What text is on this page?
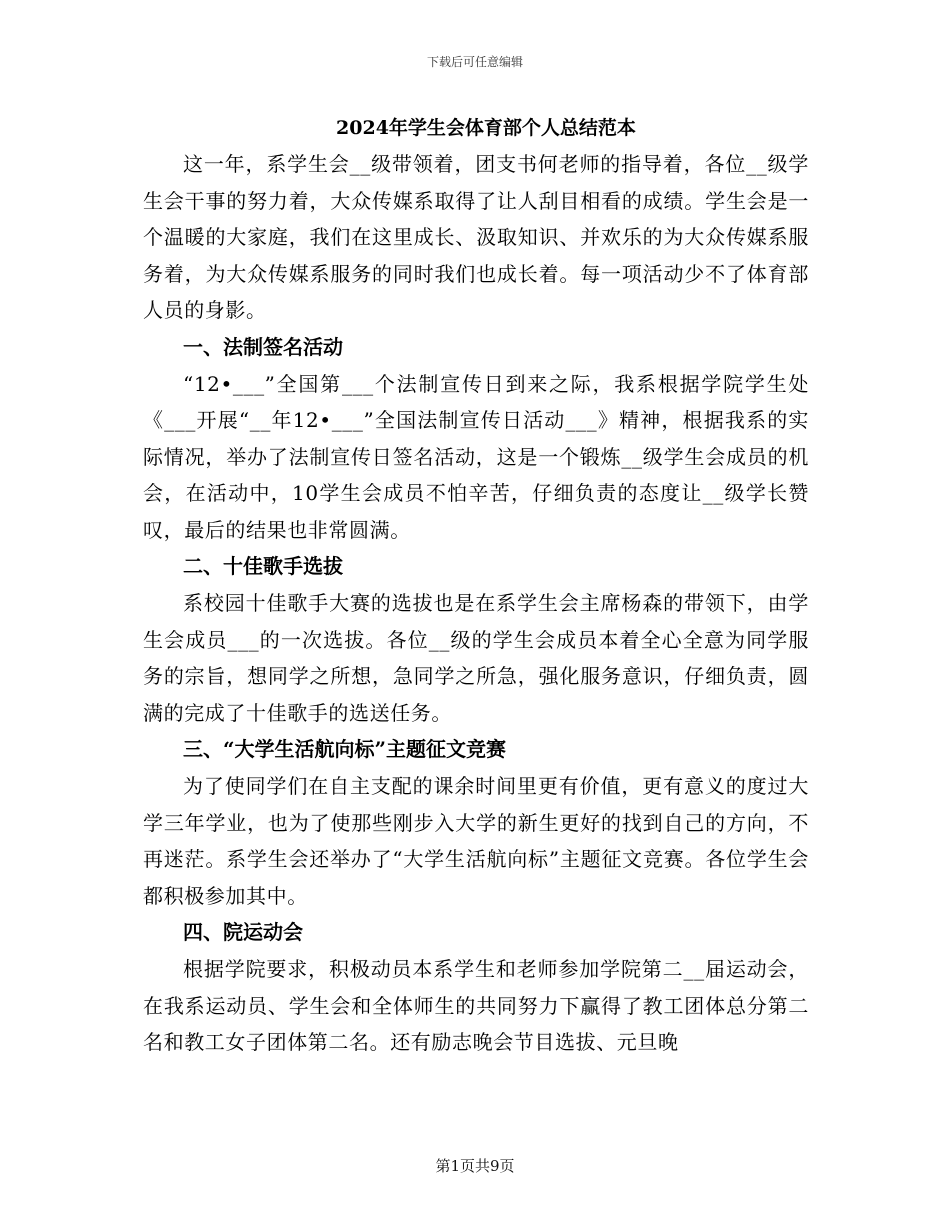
下载后可任意编辑
2024年学生会体育部个人总结范本

这一年，系学生会__级带领着，团支书何老师的指导着，各位__级学生会干事的努力着，大众传媒系取得了让人刮目相看的成绩。学生会是一个温暖的大家庭，我们在这里成长、汲取知识、并欢乐的为大众传媒系服务着，为大众传媒系服务的同时我们也成长着。每一项活动少不了体育部人员的身影。

一、法制签名活动

“12•___”全国第___个法制宣传日到来之际，我系根据学院学生处《___开展“__年12•___”全国法制宣传日活动___》精神，根据我系的实际情况，举办了法制宣传日签名活动，这是一个锻炼__级学生会成员的机会，在活动中，10学生会成员不怕辛苦，仔细负责的态度让__级学长赞叹，最后的结果也非常圆满。

二、十佳歌手选拔

系校园十佳歌手大赛的选拔也是在系学生会主席杨森的带领下，由学生会成员___的一次选拔。各位__级的学生会成员本着全心全意为同学服务的宗旨，想同学之所想，急同学之所急，强化服务意识，仔细负责，圆满的完成了十佳歌手的选送任务。

三、“大学生活航向标”主题征文竞赛

为了使同学们在自主支配的课余时间里更有价值，更有意义的度过大学三年学业，也为了使那些刚步入大学的新生更好的找到自己的方向，不再迷茫。系学生会还举办了“大学生活航向标”主题征文竞赛。各位学生会都积极参加其中。

四、院运动会

根据学院要求，积极动员本系学生和老师参加学院第二__届运动会，在我系运动员、学生会和全体师生的共同努力下赢得了教工团体总分第二名和教工女子团体第二名。还有励志晚会节目选拔、元旦晚

第1页共9页
